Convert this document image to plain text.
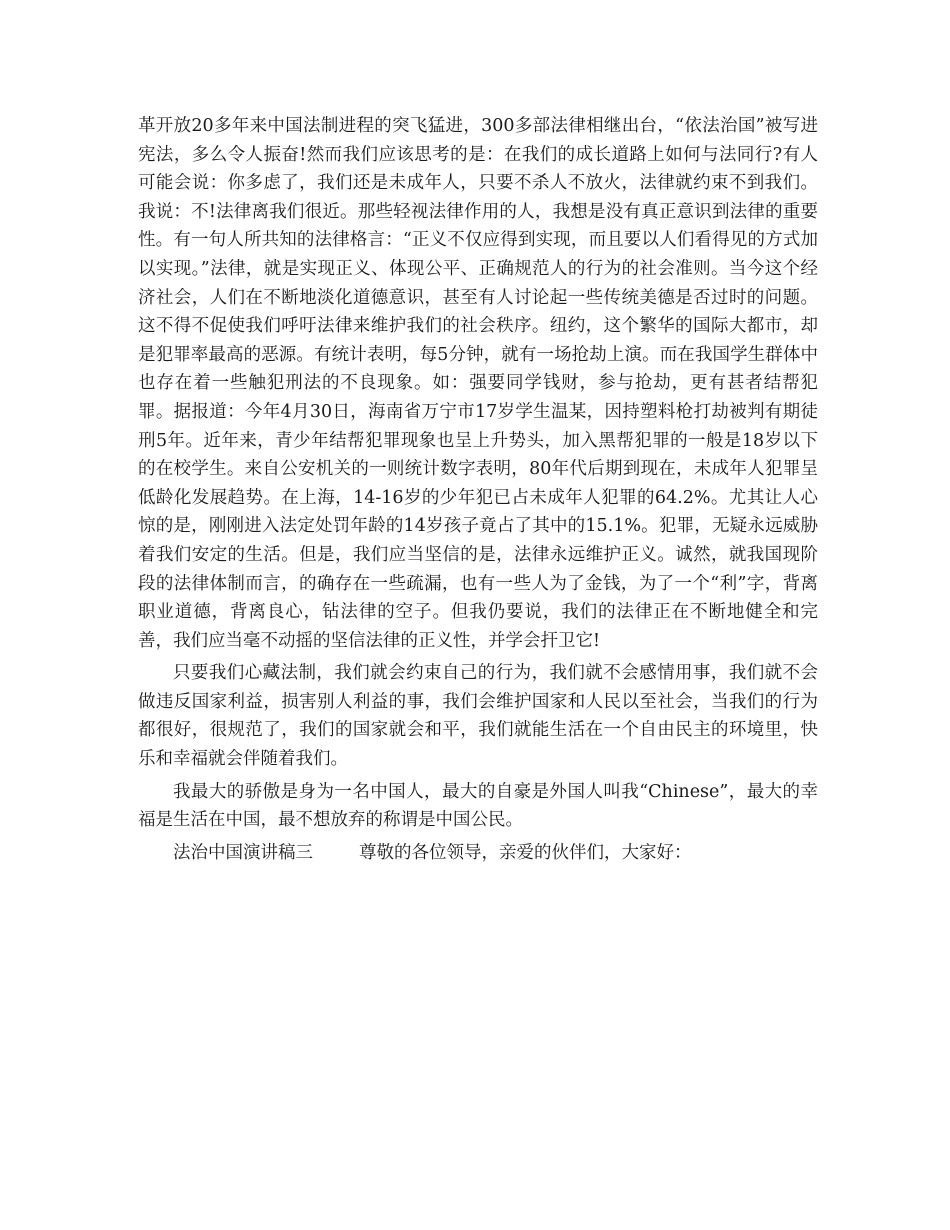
革开放20多年来中国法制进程的突飞猛进，300多部法律相继出台，“依法治国”被写进宪法，多么令人振奋!然而我们应该思考的是：在我们的成长道路上如何与法同行?有人可能会说：你多虑了，我们还是未成年人，只要不杀人不放火，法律就约束不到我们。我说：不!法律离我们很近。那些轻视法律作用的人，我想是没有真正意识到法律的重要性。有一句人所共知的法律格言：“正义不仅应得到实现，而且要以人们看得见的方式加以实现。”法律，就是实现正义、体现公平、正确规范人的行为的社会准则。当今这个经济社会，人们在不断地淡化道德意识，甚至有人讨论起一些传统美德是否过时的问题。这不得不促使我们呼吁法律来维护我们的社会秩序。纽约，这个繁华的国际大都市，却是犯罪率最高的恶源。有统计表明，每5分钟，就有一场抢劫上演。而在我国学生群体中也存在着一些触犯刑法的不良现象。如：强要同学钱财，参与抢劫，更有甚者结帮犯罪。据报道：今年4月30日，海南省万宁市17岁学生温某，因持塑料枪打劫被判有期徒刑5年。近年来，青少年结帮犯罪现象也呈上升势头，加入黑帮犯罪的一般是18岁以下的在校学生。来自公安机关的一则统计数字表明，80年代后期到现在，未成年人犯罪呈低龄化发展趋势。在上海，14-16岁的少年犯已占未成年人犯罪的64.2%。尤其让人心惊的是，刚刚进入法定处罚年龄的14岁孩子竟占了其中的15.1%。犯罪，无疑永远威胁着我们安定的生活。但是，我们应当坚信的是，法律永远维护正义。诚然，就我国现阶段的法律体制而言，的确存在一些疏漏，也有一些人为了金钱，为了一个“利”字，背离职业道德，背离良心，钻法律的空子。但我仍要说，我们的法律正在不断地健全和完善，我们应当毫不动摇的坚信法律的正义性，并学会扞卫它!

只要我们心藏法制，我们就会约束自己的行为，我们就不会感情用事，我们就不会做违反国家利益，损害别人利益的事，我们会维护国家和人民以至社会，当我们的行为都很好，很规范了，我们的国家就会和平，我们就能生活在一个自由民主的环境里，快乐和幸福就会伴随着我们。

我最大的骄傲是身为一名中国人，最大的自豪是外国人叫我“Chinese”，最大的幸福是生活在中国，最不想放弃的称谓是中国公民。

法治中国演讲稿三	尊敬的各位领导，亲爱的伙伴们，大家好：
